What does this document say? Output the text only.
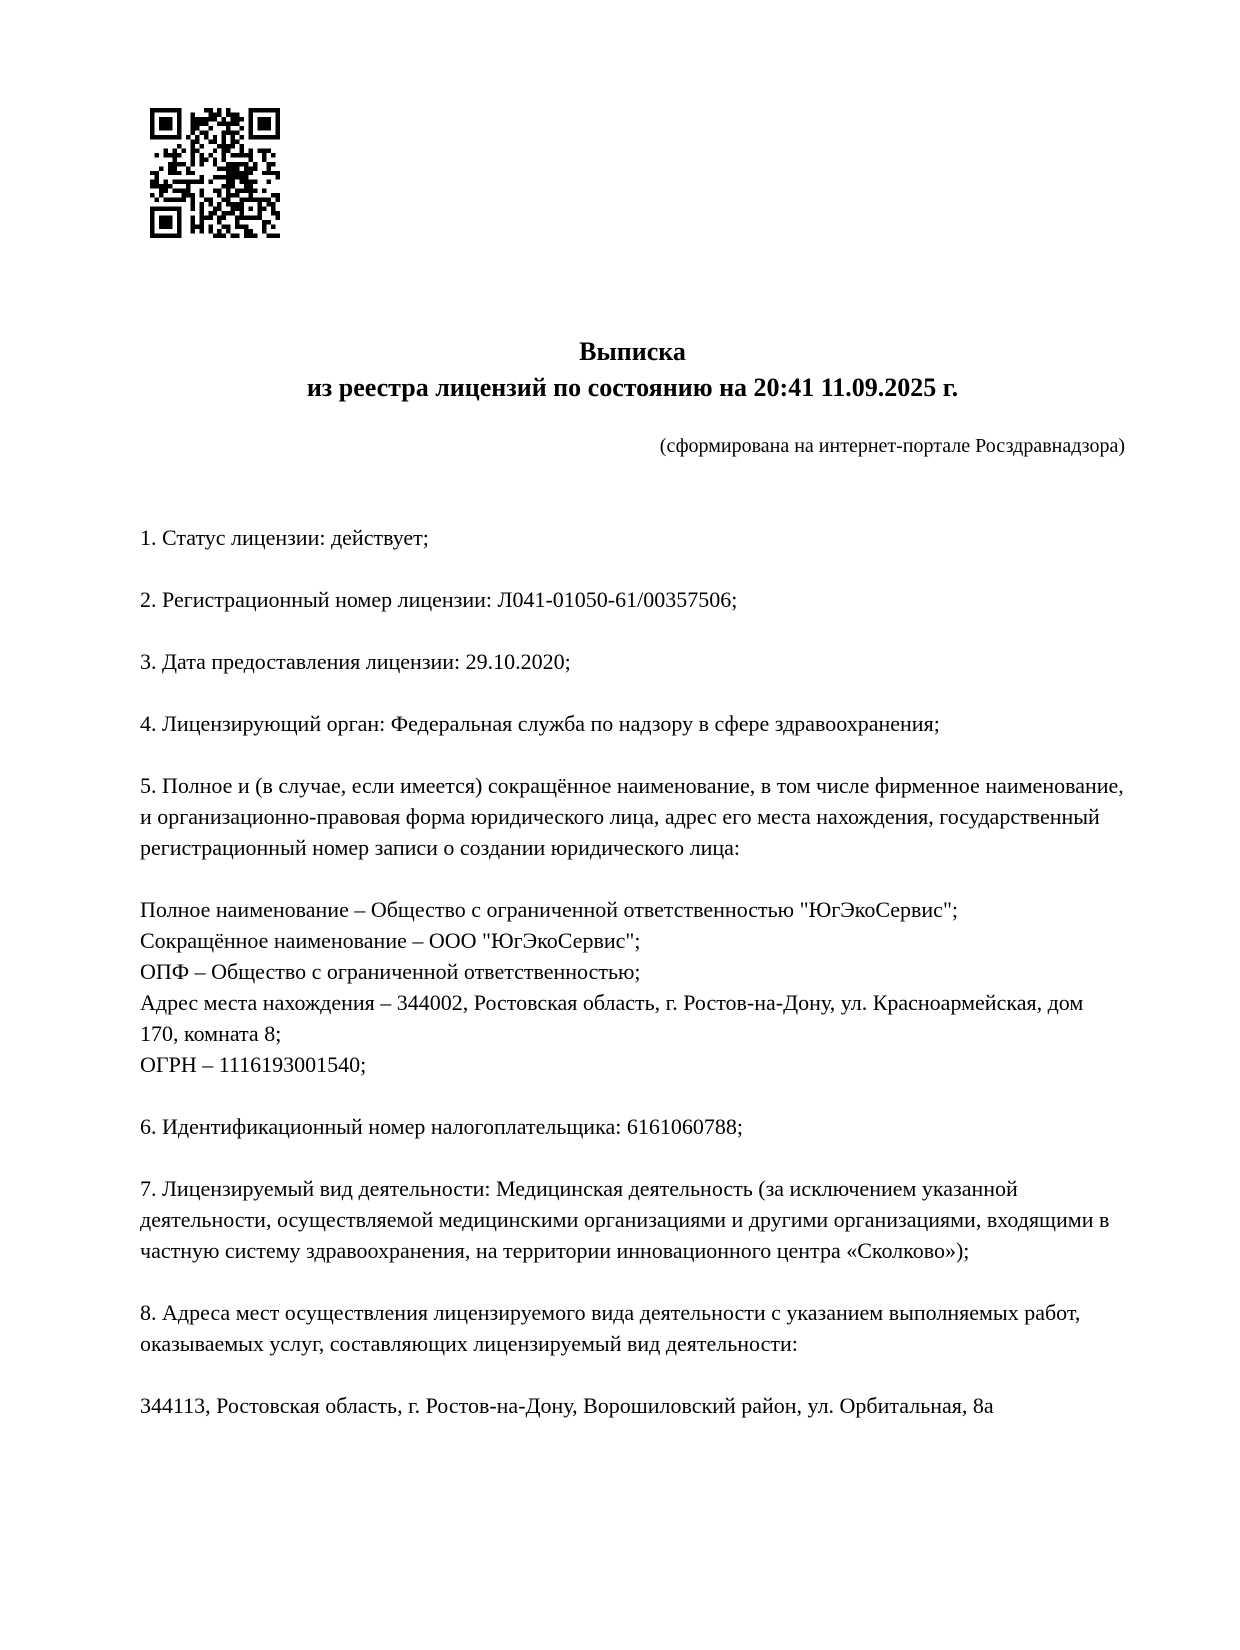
Выписка
из реестра лицензий по состоянию на 20:41 11.09.2025 г.
(сформирована на интернет-портале Росздравнадзора)

1. Статус лицензии: действует;

2. Регистрационный номер лицензии: Л041-01050-61/00357506;

3. Дата предоставления лицензии: 29.10.2020;

4. Лицензирующий орган: Федеральная служба по надзору в сфере здравоохранения;

5. Полное и (в случае, если имеется) сокращённое наименование, в том числе фирменное наименование, и организационно-правовая форма юридического лица, адрес его места нахождения, государственный регистрационный номер записи о создании юридического лица:

Полное наименование – Общество с ограниченной ответственностью "ЮгЭкоСервис";
Сокращённое наименование – ООО "ЮгЭкоСервис";
ОПФ – Общество с ограниченной ответственностью;
Адрес места нахождения – 344002, Ростовская область, г. Ростов-на-Дону, ул. Красноармейская, дом 170, комната 8;
ОГРН – 1116193001540;

6. Идентификационный номер налогоплательщика: 6161060788;

7. Лицензируемый вид деятельности: Медицинская деятельность (за исключением указанной деятельности, осуществляемой медицинскими организациями и другими организациями, входящими в частную систему здравоохранения, на территории инновационного центра «Сколково»);

8. Адреса мест осуществления лицензируемого вида деятельности с указанием выполняемых работ, оказываемых услуг, составляющих лицензируемый вид деятельности:

344113, Ростовская область, г. Ростов-на-Дону, Ворошиловский район, ул. Орбитальная, 8а
